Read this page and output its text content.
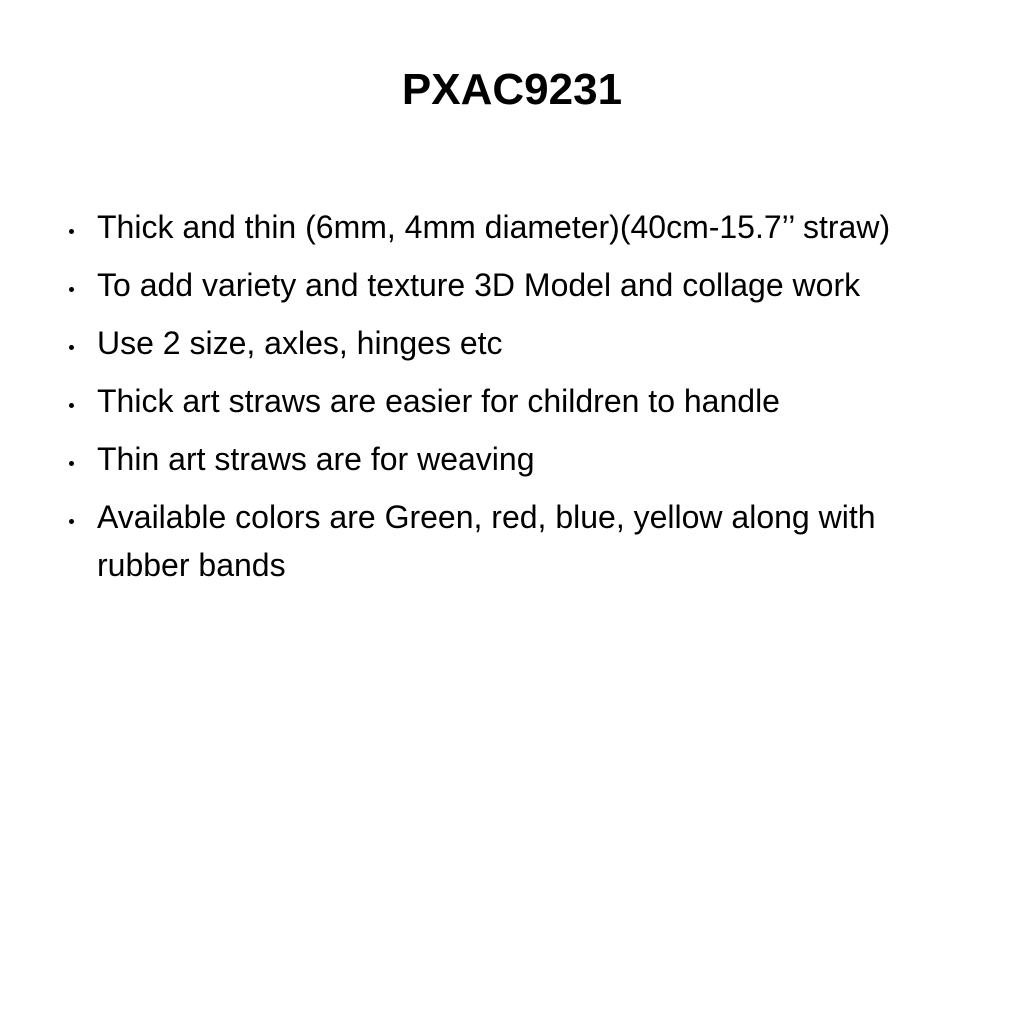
PXAC9231
Thick and thin (6mm, 4mm diameter)(40cm-15.7’’ straw)
To add variety and texture 3D Model and collage work
Use 2 size, axles, hinges etc
Thick art straws are easier for children to handle
Thin art straws are for weaving
Available colors are Green, red, blue, yellow along with rubber bands
